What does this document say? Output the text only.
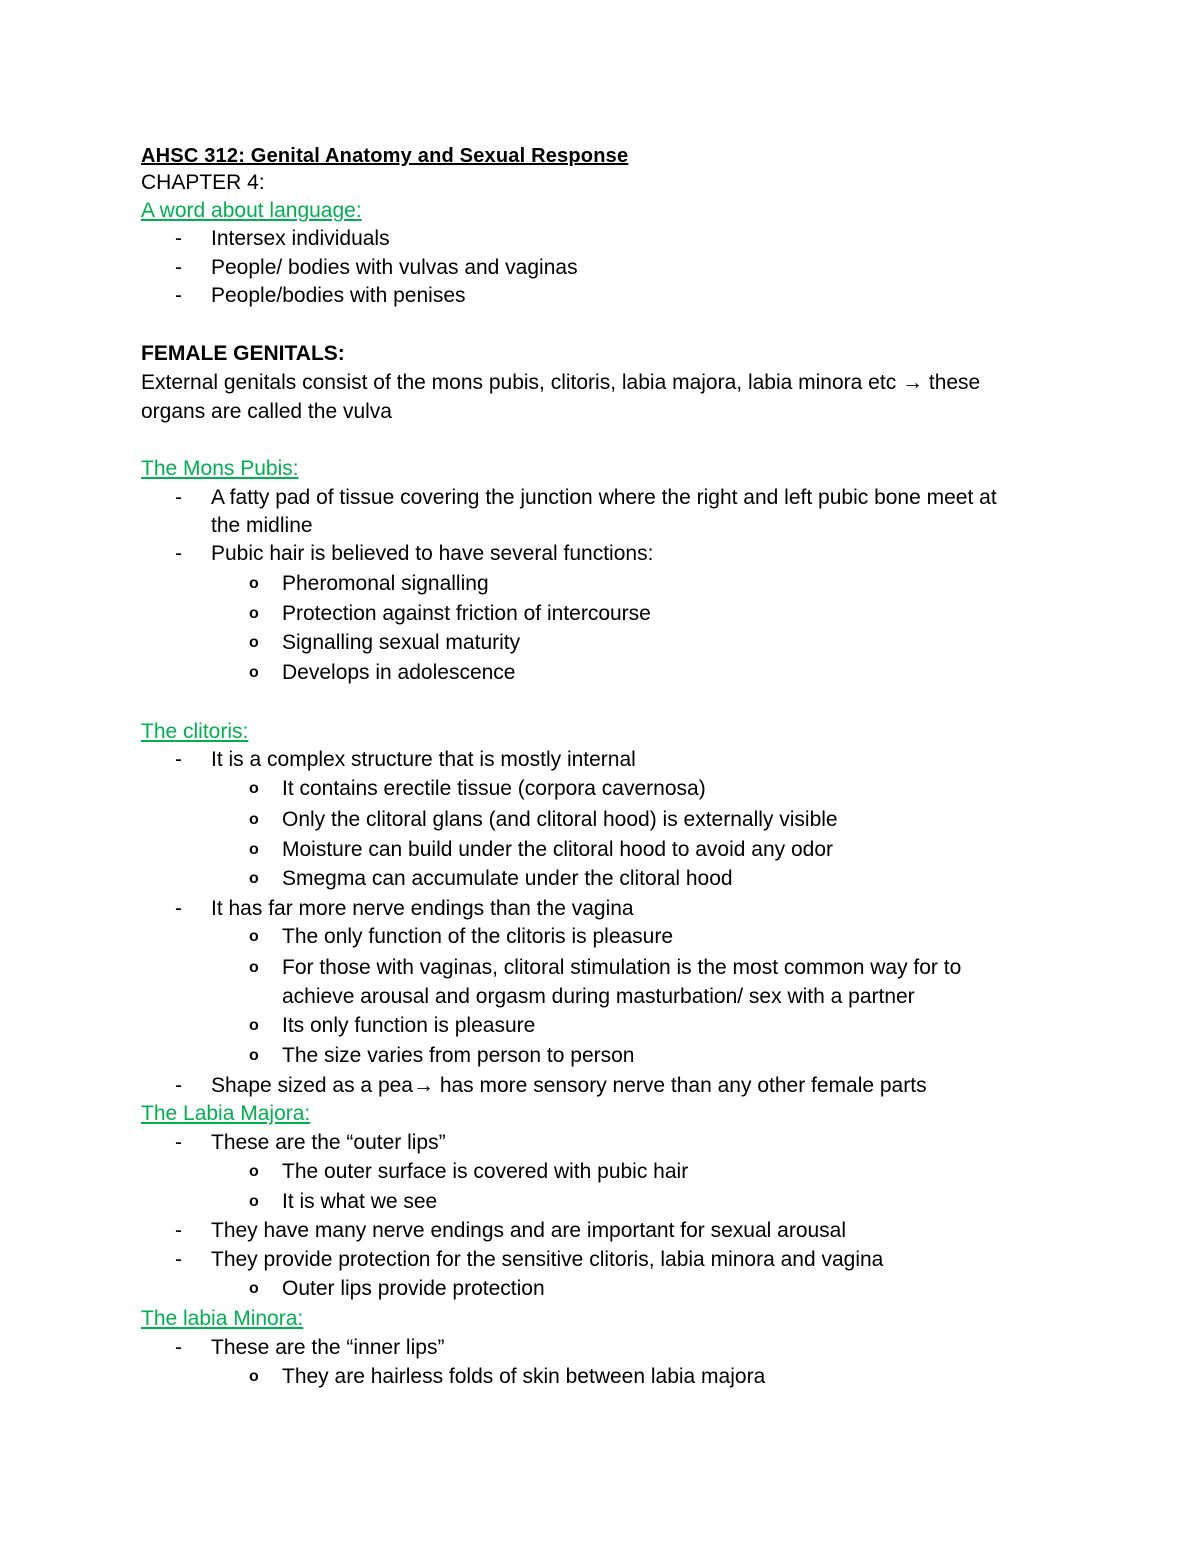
AHSC 312: Genital Anatomy and Sexual Response
CHAPTER 4:
A word about language:
- Intersex individuals
- People/ bodies with vulvas and vaginas
- People/bodies with penises
FEMALE GENITALS:
External genitals consist of the mons pubis, clitoris, labia majora, labia minora etc → these
organs are called the vulva
The Mons Pubis:
- A fatty pad of tissue covering the junction where the right and left pubic bone meet at
the midline
- Pubic hair is believed to have several functions:
o Pheromonal signalling
o Protection against friction of intercourse
o Signalling sexual maturity
o Develops in adolescence
The clitoris:
- It is a complex structure that is mostly internal
o It contains erectile tissue (corpora cavernosa)
o Only the clitoral glans (and clitoral hood) is externally visible
o Moisture can build under the clitoral hood to avoid any odor
o Smegma can accumulate under the clitoral hood
- It has far more nerve endings than the vagina
o The only function of the clitoris is pleasure
o For those with vaginas, clitoral stimulation is the most common way for to
achieve arousal and orgasm during masturbation/ sex with a partner
o Its only function is pleasure
o The size varies from person to person
- Shape sized as a pea→ has more sensory nerve than any other female parts
The Labia Majora:
- These are the “outer lips”
o The outer surface is covered with pubic hair
o It is what we see
- They have many nerve endings and are important for sexual arousal
- They provide protection for the sensitive clitoris, labia minora and vagina
o Outer lips provide protection
The labia Minora:
- These are the “inner lips”
o They are hairless folds of skin between labia majora
